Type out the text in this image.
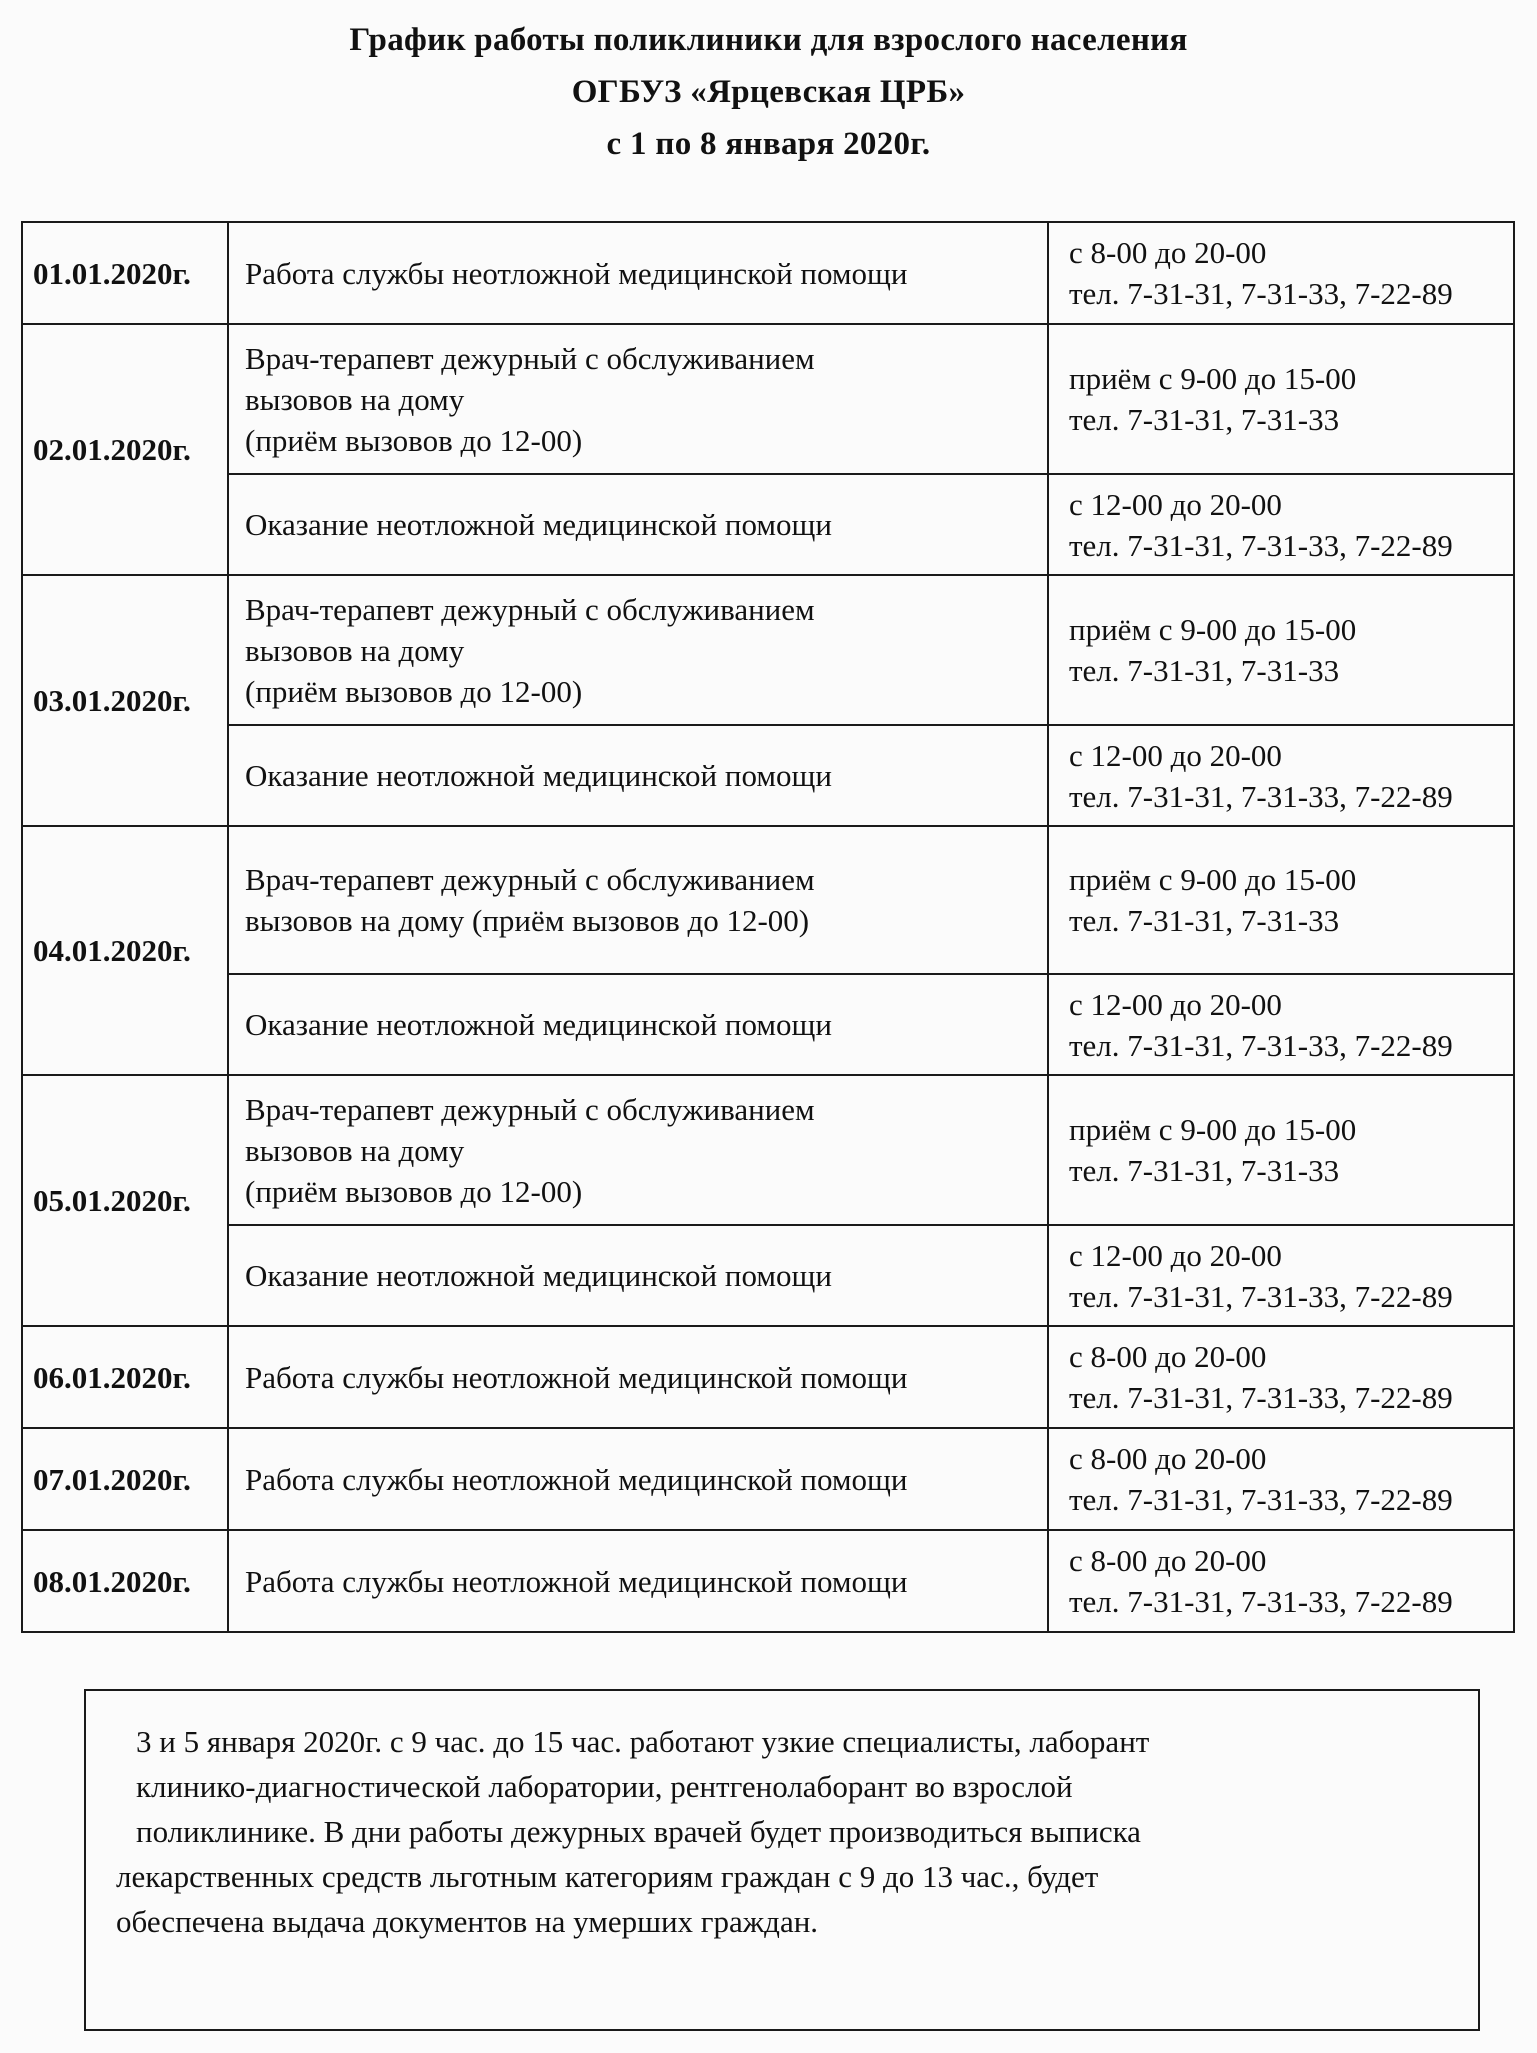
График работы поликлиники для взрослого населения
ОГБУЗ «Ярцевская ЦРБ»
с 1 по 8 января 2020г.
01.01.2020г.	Работа службы неотложной медицинской помощи	с 8-00 до 20-00
тел. 7-31-31, 7-31-33, 7-22-89

02.01.2020г.	Врач-терапевт дежурный с обслуживанием
вызовов на дому
(приём вызовов до 12-00)	приём с 9-00 до 15-00
тел. 7-31-31, 7-31-33

	Оказание неотложной медицинской помощи	с 12-00 до 20-00
тел. 7-31-31, 7-31-33, 7-22-89

03.01.2020г.	Врач-терапевт дежурный с обслуживанием
вызовов на дому
(приём вызовов до 12-00)	приём с 9-00 до 15-00
тел. 7-31-31, 7-31-33

	Оказание неотложной медицинской помощи	с 12-00 до 20-00
тел. 7-31-31, 7-31-33, 7-22-89

04.01.2020г.	Врач-терапевт дежурный с обслуживанием
вызовов на дому (приём вызовов до 12-00)	приём с 9-00 до 15-00
тел. 7-31-31, 7-31-33

	Оказание неотложной медицинской помощи	с 12-00 до 20-00
тел. 7-31-31, 7-31-33, 7-22-89

05.01.2020г.	Врач-терапевт дежурный с обслуживанием
вызовов на дому
(приём вызовов до 12-00)	приём с 9-00 до 15-00
тел. 7-31-31, 7-31-33

	Оказание неотложной медицинской помощи	с 12-00 до 20-00
тел. 7-31-31, 7-31-33, 7-22-89

06.01.2020г.	Работа службы неотложной медицинской помощи	с 8-00 до 20-00
тел. 7-31-31, 7-31-33, 7-22-89

07.01.2020г.	Работа службы неотложной медицинской помощи	с 8-00 до 20-00
тел. 7-31-31, 7-31-33, 7-22-89

08.01.2020г.	Работа службы неотложной медицинской помощи	с 8-00 до 20-00
тел. 7-31-31, 7-31-33, 7-22-89
3 и 5 января 2020г. с 9 час. до 15 час. работают узкие специалисты, лаборант
клинико-диагностической лаборатории, рентгенолаборант во взрослой
поликлинике. В дни работы дежурных врачей будет производиться выписка
лекарственных средств льготным категориям граждан с 9 до 13 час., будет
обеспечена выдача документов на умерших граждан.
